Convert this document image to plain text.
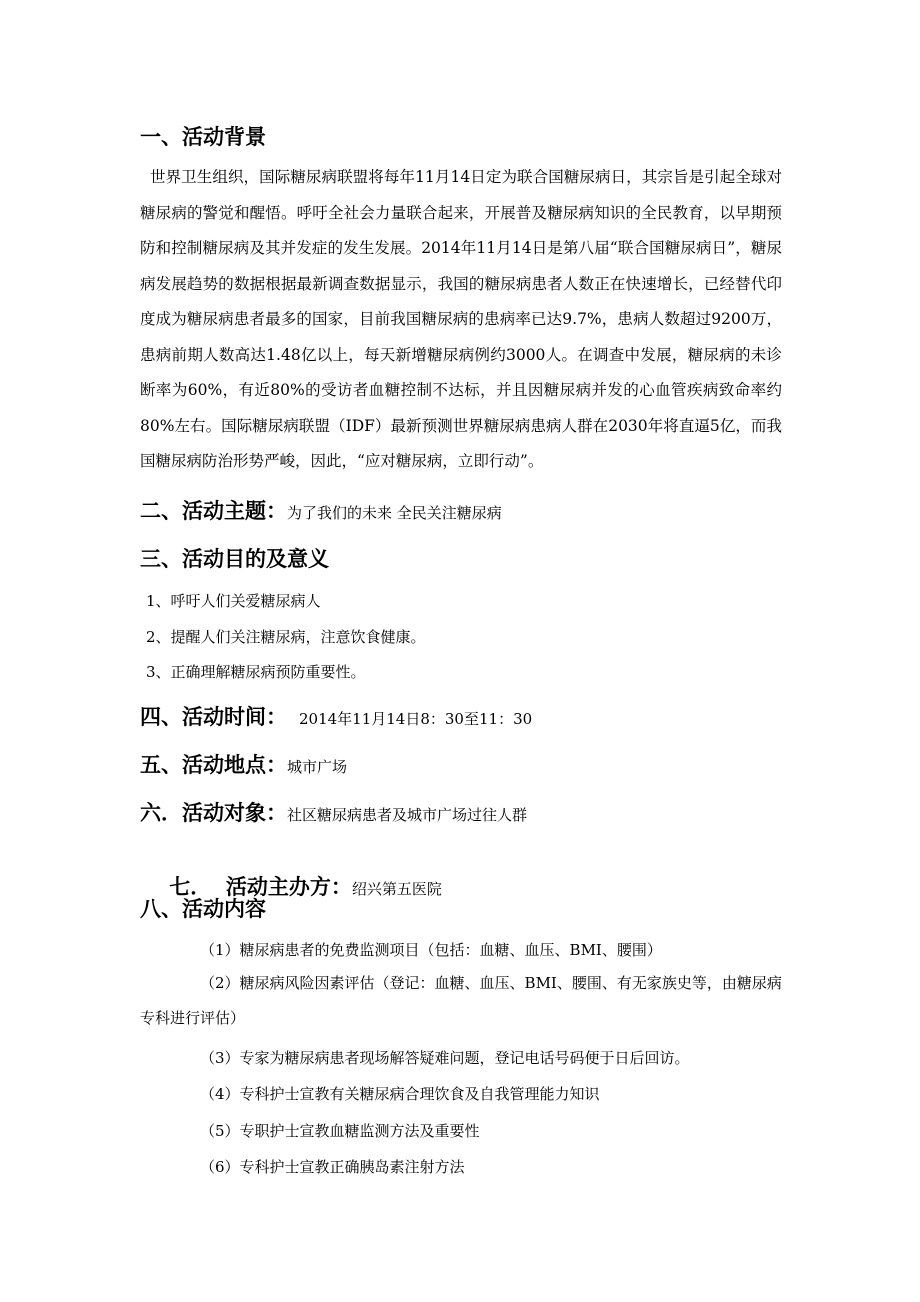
一、活动背景
世界卫生组织，国际糖尿病联盟将每年11月14日定为联合国糖尿病日，其宗旨是引起全球对糖尿病的警觉和醒悟。呼吁全社会力量联合起来，开展普及糖尿病知识的全民教育，以早期预防和控制糖尿病及其并发症的发生发展。2014年11月14日是第八届“联合国糖尿病日”，糖尿病发展趋势的数据根据最新调查数据显示，我国的糖尿病患者人数正在快速增长，已经替代印度成为糖尿病患者最多的国家，目前我国糖尿病的患病率已达9.7%，患病人数超过9200万，患病前期人数高达1.48亿以上，每天新增糖尿病例约3000人。在调查中发展，糖尿病的未诊断率为60%，有近80%的受访者血糖控制不达标，并且因糖尿病并发的心血管疾病致命率约80%左右。国际糖尿病联盟（IDF）最新预测世界糖尿病患病人群在2030年将直逼5亿，而我国糖尿病防治形势严峻，因此，“应对糖尿病，立即行动”。
二、活动主题：为了我们的未来 全民关注糖尿病
三、活动目的及意义
1、呼吁人们关爱糖尿病人
2、提醒人们关注糖尿病，注意饮食健康。
3、正确理解糖尿病预防重要性。
四、活动时间： 2014年11月14日8：30至11：30
五、活动地点：城市广场
六．活动对象：社区糖尿病患者及城市广场过往人群

七．  活动主办方：绍兴第五医院

八、活动内容
（1）糖尿病患者的免费监测项目（包括：血糖、血压、BMI、腰围）
（2）糖尿病风险因素评估（登记：血糖、血压、BMI、腰围、有无家族史等，由糖尿病专科进行评估）
（3）专家为糖尿病患者现场解答疑难问题，登记电话号码便于日后回访。
（4）专科护士宣教有关糖尿病合理饮食及自我管理能力知识
（5）专职护士宣教血糖监测方法及重要性
（6）专科护士宣教正确胰岛素注射方法
